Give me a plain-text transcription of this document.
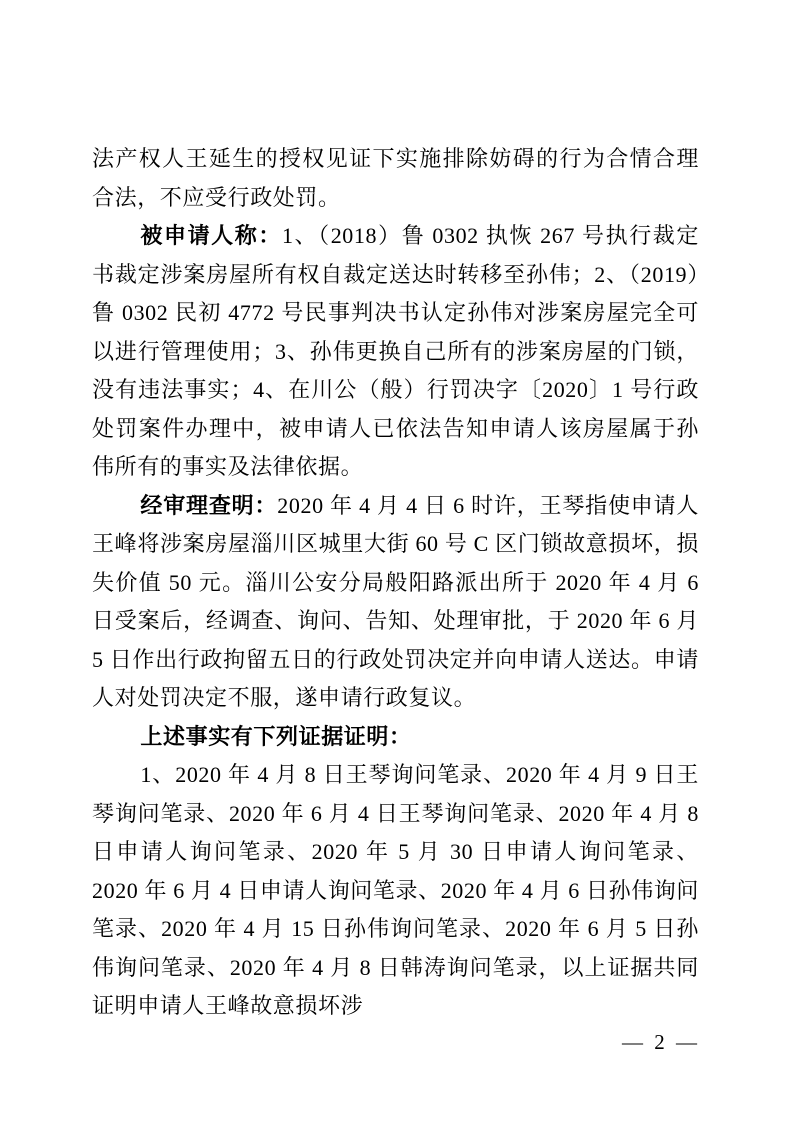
法产权人王延生的授权见证下实施排除妨碍的行为合情合理合法，不应受行政处罚。

被申请人称：1、（2018）鲁 0302 执恢 267 号执行裁定书裁定涉案房屋所有权自裁定送达时转移至孙伟；2、（2019）鲁 0302 民初 4772 号民事判决书认定孙伟对涉案房屋完全可以进行管理使用；3、孙伟更换自己所有的涉案房屋的门锁，没有违法事实；4、在川公（般）行罚决字〔2020〕1 号行政处罚案件办理中，被申请人已依法告知申请人该房屋属于孙伟所有的事实及法律依据。

经审理查明：2020 年 4 月 4 日 6 时许，王琴指使申请人王峰将涉案房屋淄川区城里大街 60 号 C 区门锁故意损坏，损失价值 50 元。淄川公安分局般阳路派出所于 2020 年 4 月 6 日受案后，经调查、询问、告知、处理审批，于 2020 年 6 月 5 日作出行政拘留五日的行政处罚决定并向申请人送达。申请人对处罚决定不服，遂申请行政复议。

上述事实有下列证据证明：

1、2020 年 4 月 8 日王琴询问笔录、2020 年 4 月 9 日王琴询问笔录、2020 年 6 月 4 日王琴询问笔录、2020 年 4 月 8 日申请人询问笔录、2020 年 5 月 30 日申请人询问笔录、2020 年 6 月 4 日申请人询问笔录、2020 年 4 月 6 日孙伟询问笔录、2020 年 4 月 15 日孙伟询问笔录、2020 年 6 月 5 日孙伟询问笔录、2020 年 4 月 8 日韩涛询问笔录，以上证据共同证明申请人王峰故意损坏涉

— 2 —
